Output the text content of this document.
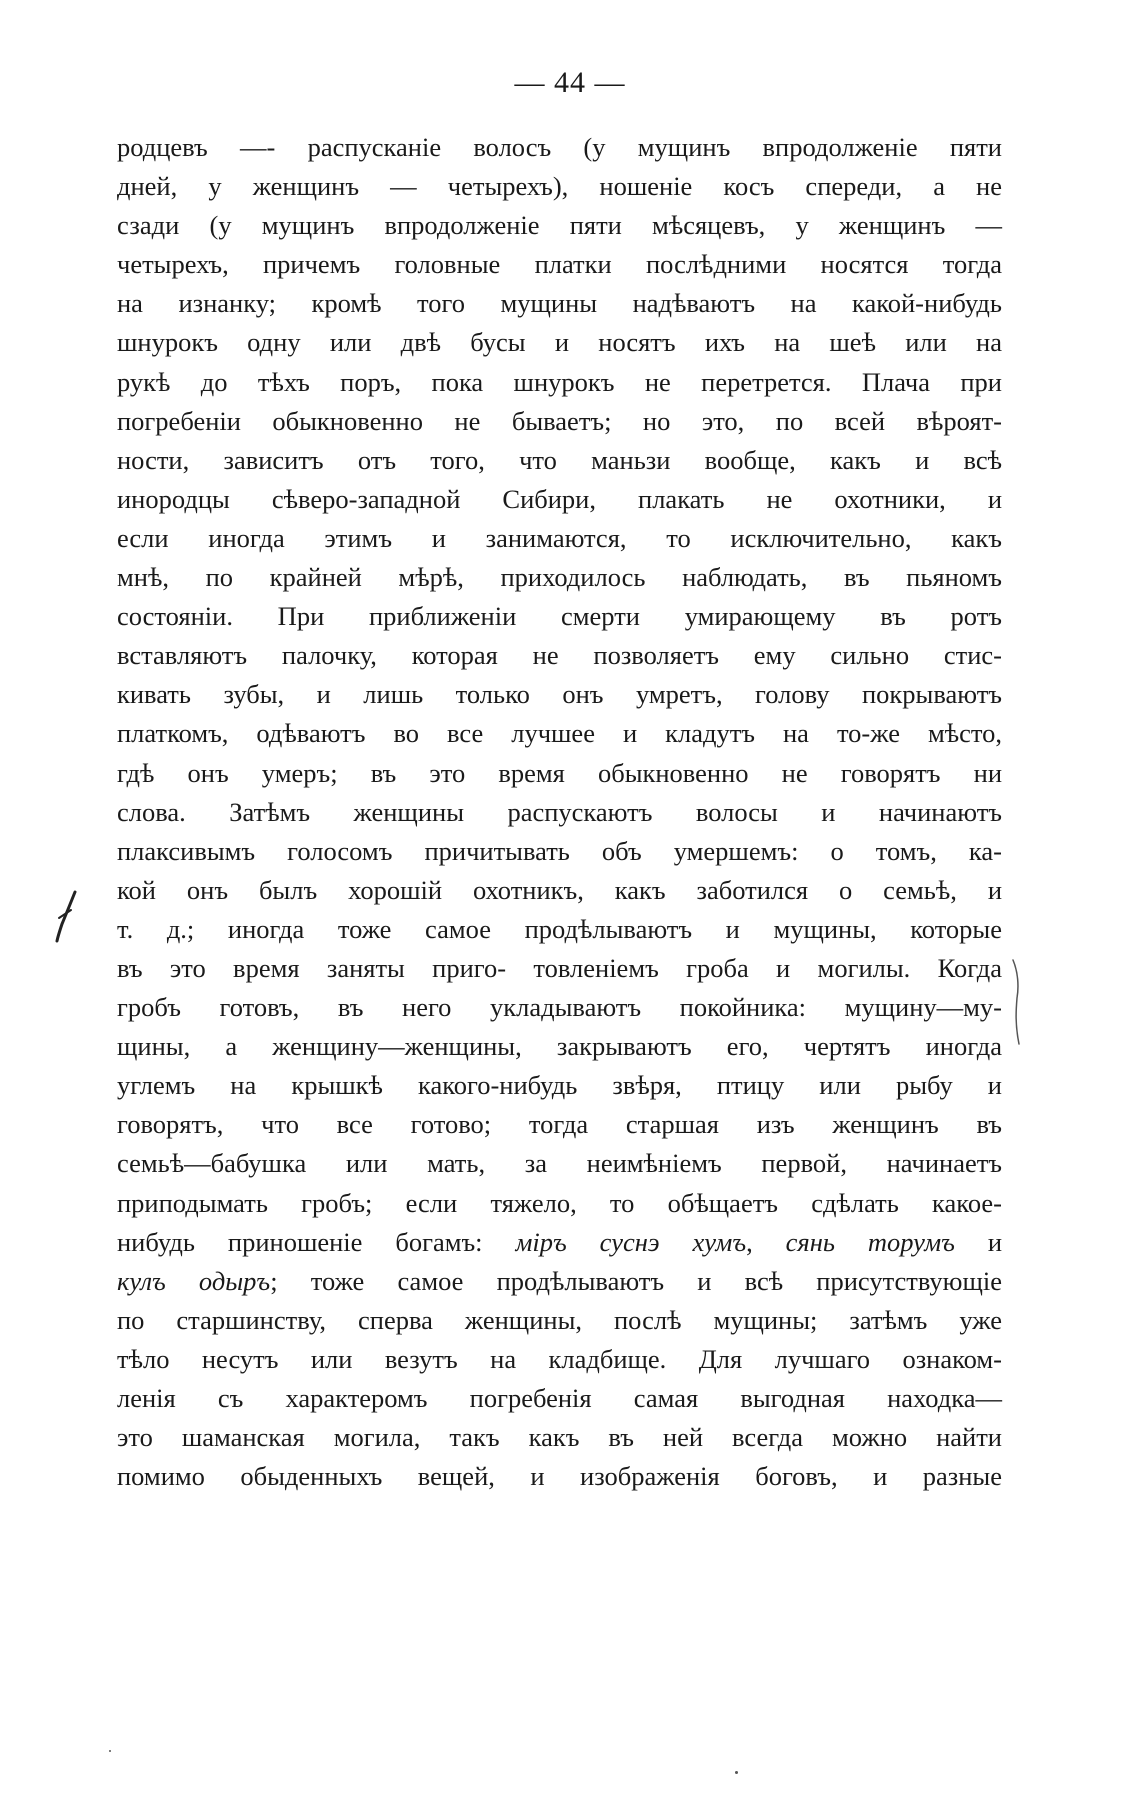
— 44 —
родцевъ —- распусканіе волосъ (у мущинъ впродолженіе пяти
дней, у женщинъ — четырехъ), ношеніе косъ спереди, а не
сзади (у мущинъ впродолженіе пяти мѣсяцевъ, у женщинъ —
четырехъ, причемъ головные платки послѣдними носятся тогда
на изнанку; кромѣ того мущины надѣваютъ на какой-нибудь
шнурокъ одну или двѣ бусы и носятъ ихъ на шеѣ или на
рукѣ до тѣхъ поръ, пока шнурокъ не перетрется. Плача при
погребеніи обыкновенно не бываетъ; но это, по всей вѣроят-
ности, зависитъ отъ того, что маньзи вообще, какъ и всѣ
инородцы сѣверо-западной Сибири, плакать не охотники, и
если иногда этимъ и занимаются, то исключительно, какъ
мнѣ, по крайней мѣрѣ, приходилось наблюдать, въ пьяномъ
состояніи. При приближеніи смерти умирающему въ ротъ
вставляютъ палочку, которая не позволяетъ ему сильно стис-
кивать зубы, и лишь только онъ умретъ, голову покрываютъ
платкомъ, одѣваютъ во все лучшее и кладутъ на то-же мѣсто,
гдѣ онъ умеръ; въ это время обыкновенно не говорятъ ни
слова. Затѣмъ женщины распускаютъ волосы и начинаютъ
плаксивымъ голосомъ причитывать объ умершемъ: о томъ, ка-
кой онъ былъ хорошій охотникъ, какъ заботился о семьѣ, и
т. д.; иногда тоже самое продѣлываютъ и мущины, которые
въ это время заняты приго- товленіемъ гроба и могилы. Когда
гробъ готовъ, въ него укладываютъ покойника: мущину—му-
щины, а женщину—женщины, закрываютъ его, чертятъ иногда
углемъ на крышкѣ какого-нибудь звѣря, птицу или рыбу и
говорятъ, что все готово; тогда старшая изъ женщинъ въ
семьѣ—бабушка или мать, за неимѣніемъ первой, начинаетъ
приподымать гробъ; если тяжело, то обѣщаетъ сдѣлать какое-
нибудь приношеніе богамъ: мiръ суснэ хумъ, сянь торумъ и
кулъ одыръ; тоже самое продѣлываютъ и всѣ присутствующіе
по старшинству, сперва женщины, послѣ мущины; затѣмъ уже
тѣло несутъ или везутъ на кладбище. Для лучшаго ознаком-
ленія съ характеромъ погребенія самая выгодная находка—
это шаманская могила, такъ какъ въ ней всегда можно найти
помимо обыденныхъ вещей, и изображенія боговъ, и разные
